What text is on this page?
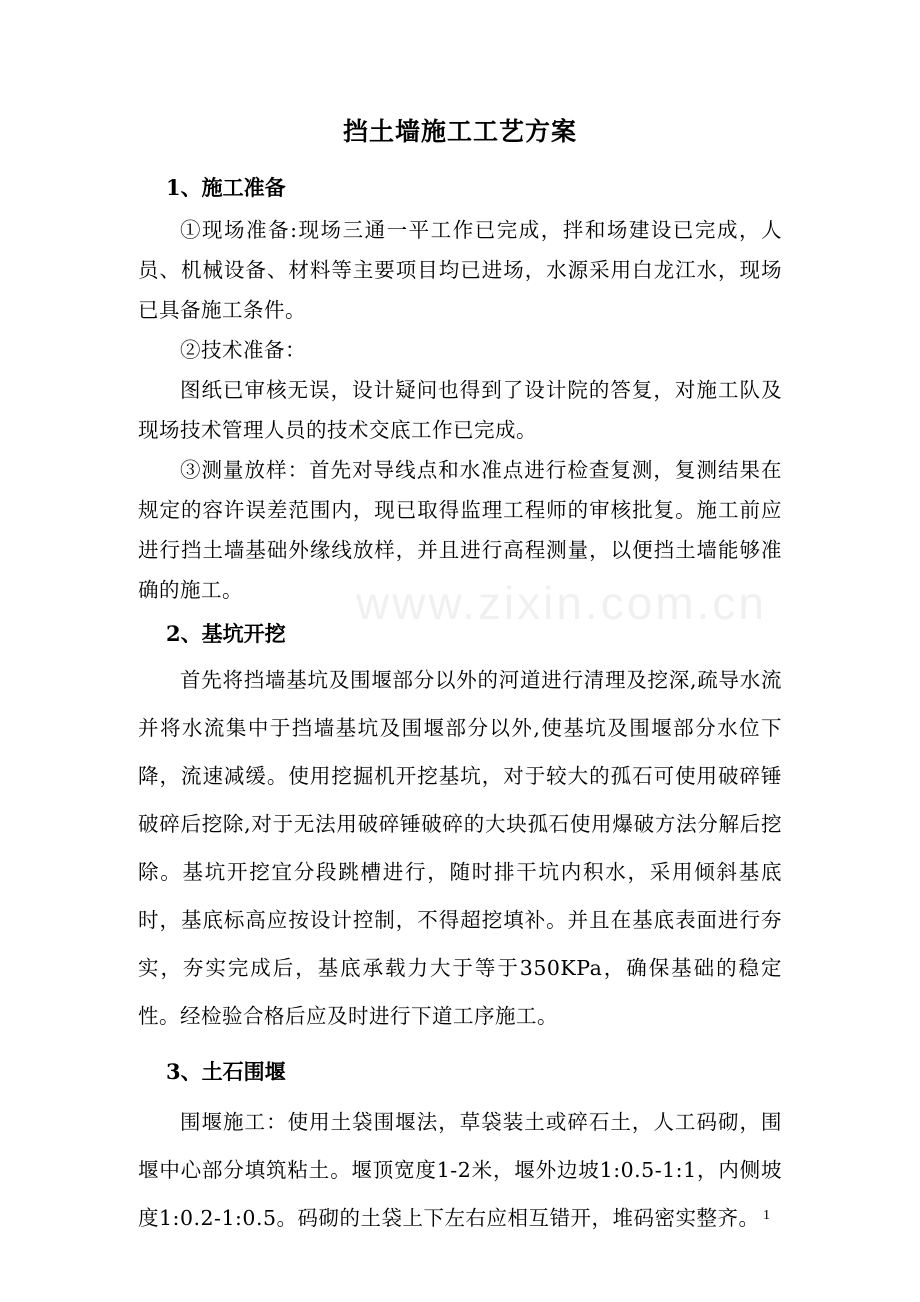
www.zixin.com.cn
挡土墙施工工艺方案
1、施工准备

①现场准备:现场三通一平工作已完成，拌和场建设已完成，人员、机械设备、材料等主要项目均已进场，水源采用白龙江水，现场已具备施工条件。

②技术准备：

图纸已审核无误，设计疑问也得到了设计院的答复，对施工队及现场技术管理人员的技术交底工作已完成。

③测量放样：首先对导线点和水准点进行检查复测，复测结果在规定的容许误差范围内，现已取得监理工程师的审核批复。施工前应进行挡土墙基础外缘线放样，并且进行高程测量，以便挡土墙能够准确的施工。

2、基坑开挖

首先将挡墙基坑及围堰部分以外的河道进行清理及挖深,疏导水流并将水流集中于挡墙基坑及围堰部分以外,使基坑及围堰部分水位下降，流速减缓。使用挖掘机开挖基坑，对于较大的孤石可使用破碎锤破碎后挖除,对于无法用破碎锤破碎的大块孤石使用爆破方法分解后挖除。基坑开挖宜分段跳槽进行，随时排干坑内积水，采用倾斜基底时，基底标高应按设计控制，不得超挖填补。并且在基底表面进行夯实，夯实完成后，基底承载力大于等于350KPa，确保基础的稳定性。经检验合格后应及时进行下道工序施工。

3、土石围堰

围堰施工：使用土袋围堰法，草袋装土或碎石土，人工码砌，围堰中心部分填筑粘土。堰顶宽度1-2米，堰外边坡1:0.5-1:1，内侧坡度1:0.2-1:0.5。码砌的土袋上下左右应相互错开，堆码密实整齐。 1
